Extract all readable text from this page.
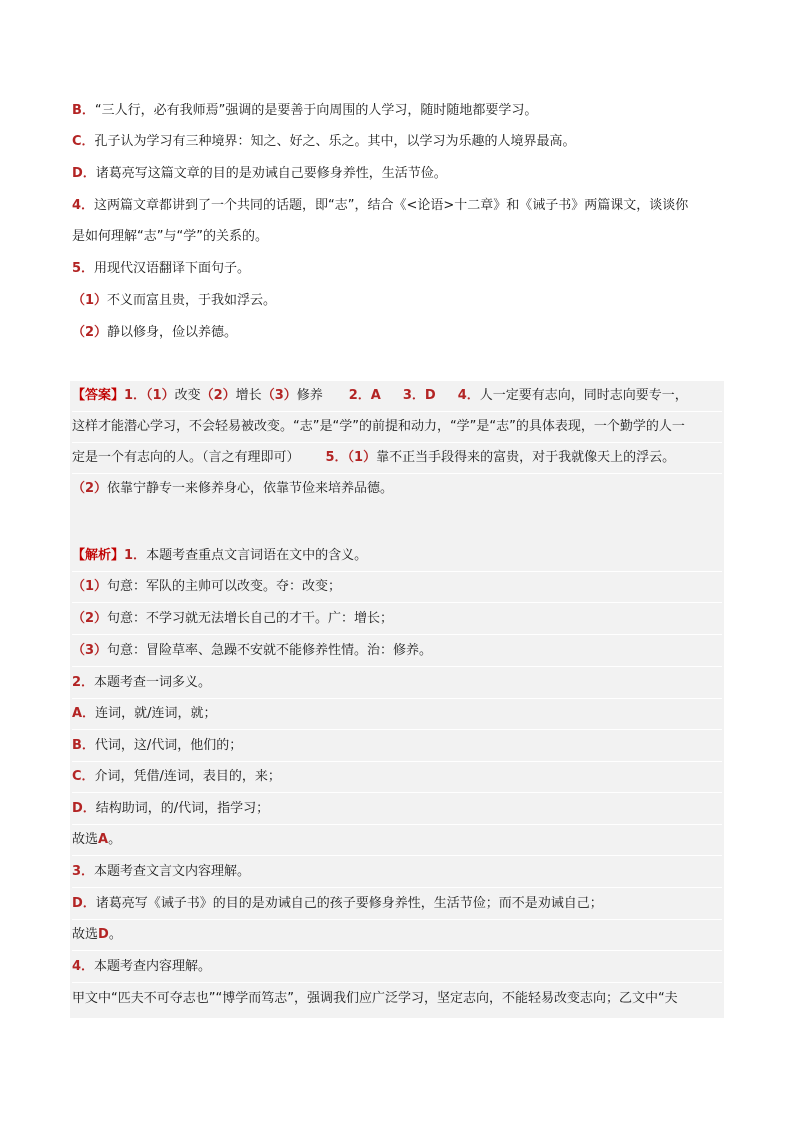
B．“三人行，必有我师焉”强调的是要善于向周围的人学习，随时随地都要学习。
C．孔子认为学习有三种境界：知之、好之、乐之。其中，以学习为乐趣的人境界最高。
D．诸葛亮写这篇文章的目的是劝诫自己要修身养性，生活节俭。
4．这两篇文章都讲到了一个共同的话题，即“志”，结合《<论语>十二章》和《诫子书》两篇课文，谈谈你
是如何理解“志”与“学”的关系的。
5．用现代汉语翻译下面句子。
（1）不义而富且贵，于我如浮云。
（2）静以修身，俭以养德。
【答案】1．（1）改变（2）增长（3）修养 2．A 3．D 4．人一定要有志向，同时志向要专一，
这样才能潜心学习，不会轻易被改变。“志”是“学”的前提和动力，“学”是“志”的具体表现，一个勤学的人一
定是一个有志向的人。（言之有理即可） 5．（1）靠不正当手段得来的富贵，对于我就像天上的浮云。
（2）依靠宁静专一来修养身心，依靠节俭来培养品德。
【解析】1．本题考查重点文言词语在文中的含义。
（1）句意：军队的主帅可以改变。夺：改变；
（2）句意：不学习就无法增长自己的才干。广：增长；
（3）句意：冒险草率、急躁不安就不能修养性情。治：修养。
2．本题考查一词多义。
A．连词，就/连词，就；
B．代词，这/代词，他们的；
C．介词，凭借/连词，表目的，来；
D．结构助词，的/代词，指学习；
故选A。
3．本题考查文言文内容理解。
D．诸葛亮写《诫子书》的目的是劝诫自己的孩子要修身养性，生活节俭；而不是劝诫自己；
故选D。
4．本题考查内容理解。
甲文中“匹夫不可夺志也”“博学而笃志”，强调我们应广泛学习，坚定志向，不能轻易改变志向；乙文中“夫
